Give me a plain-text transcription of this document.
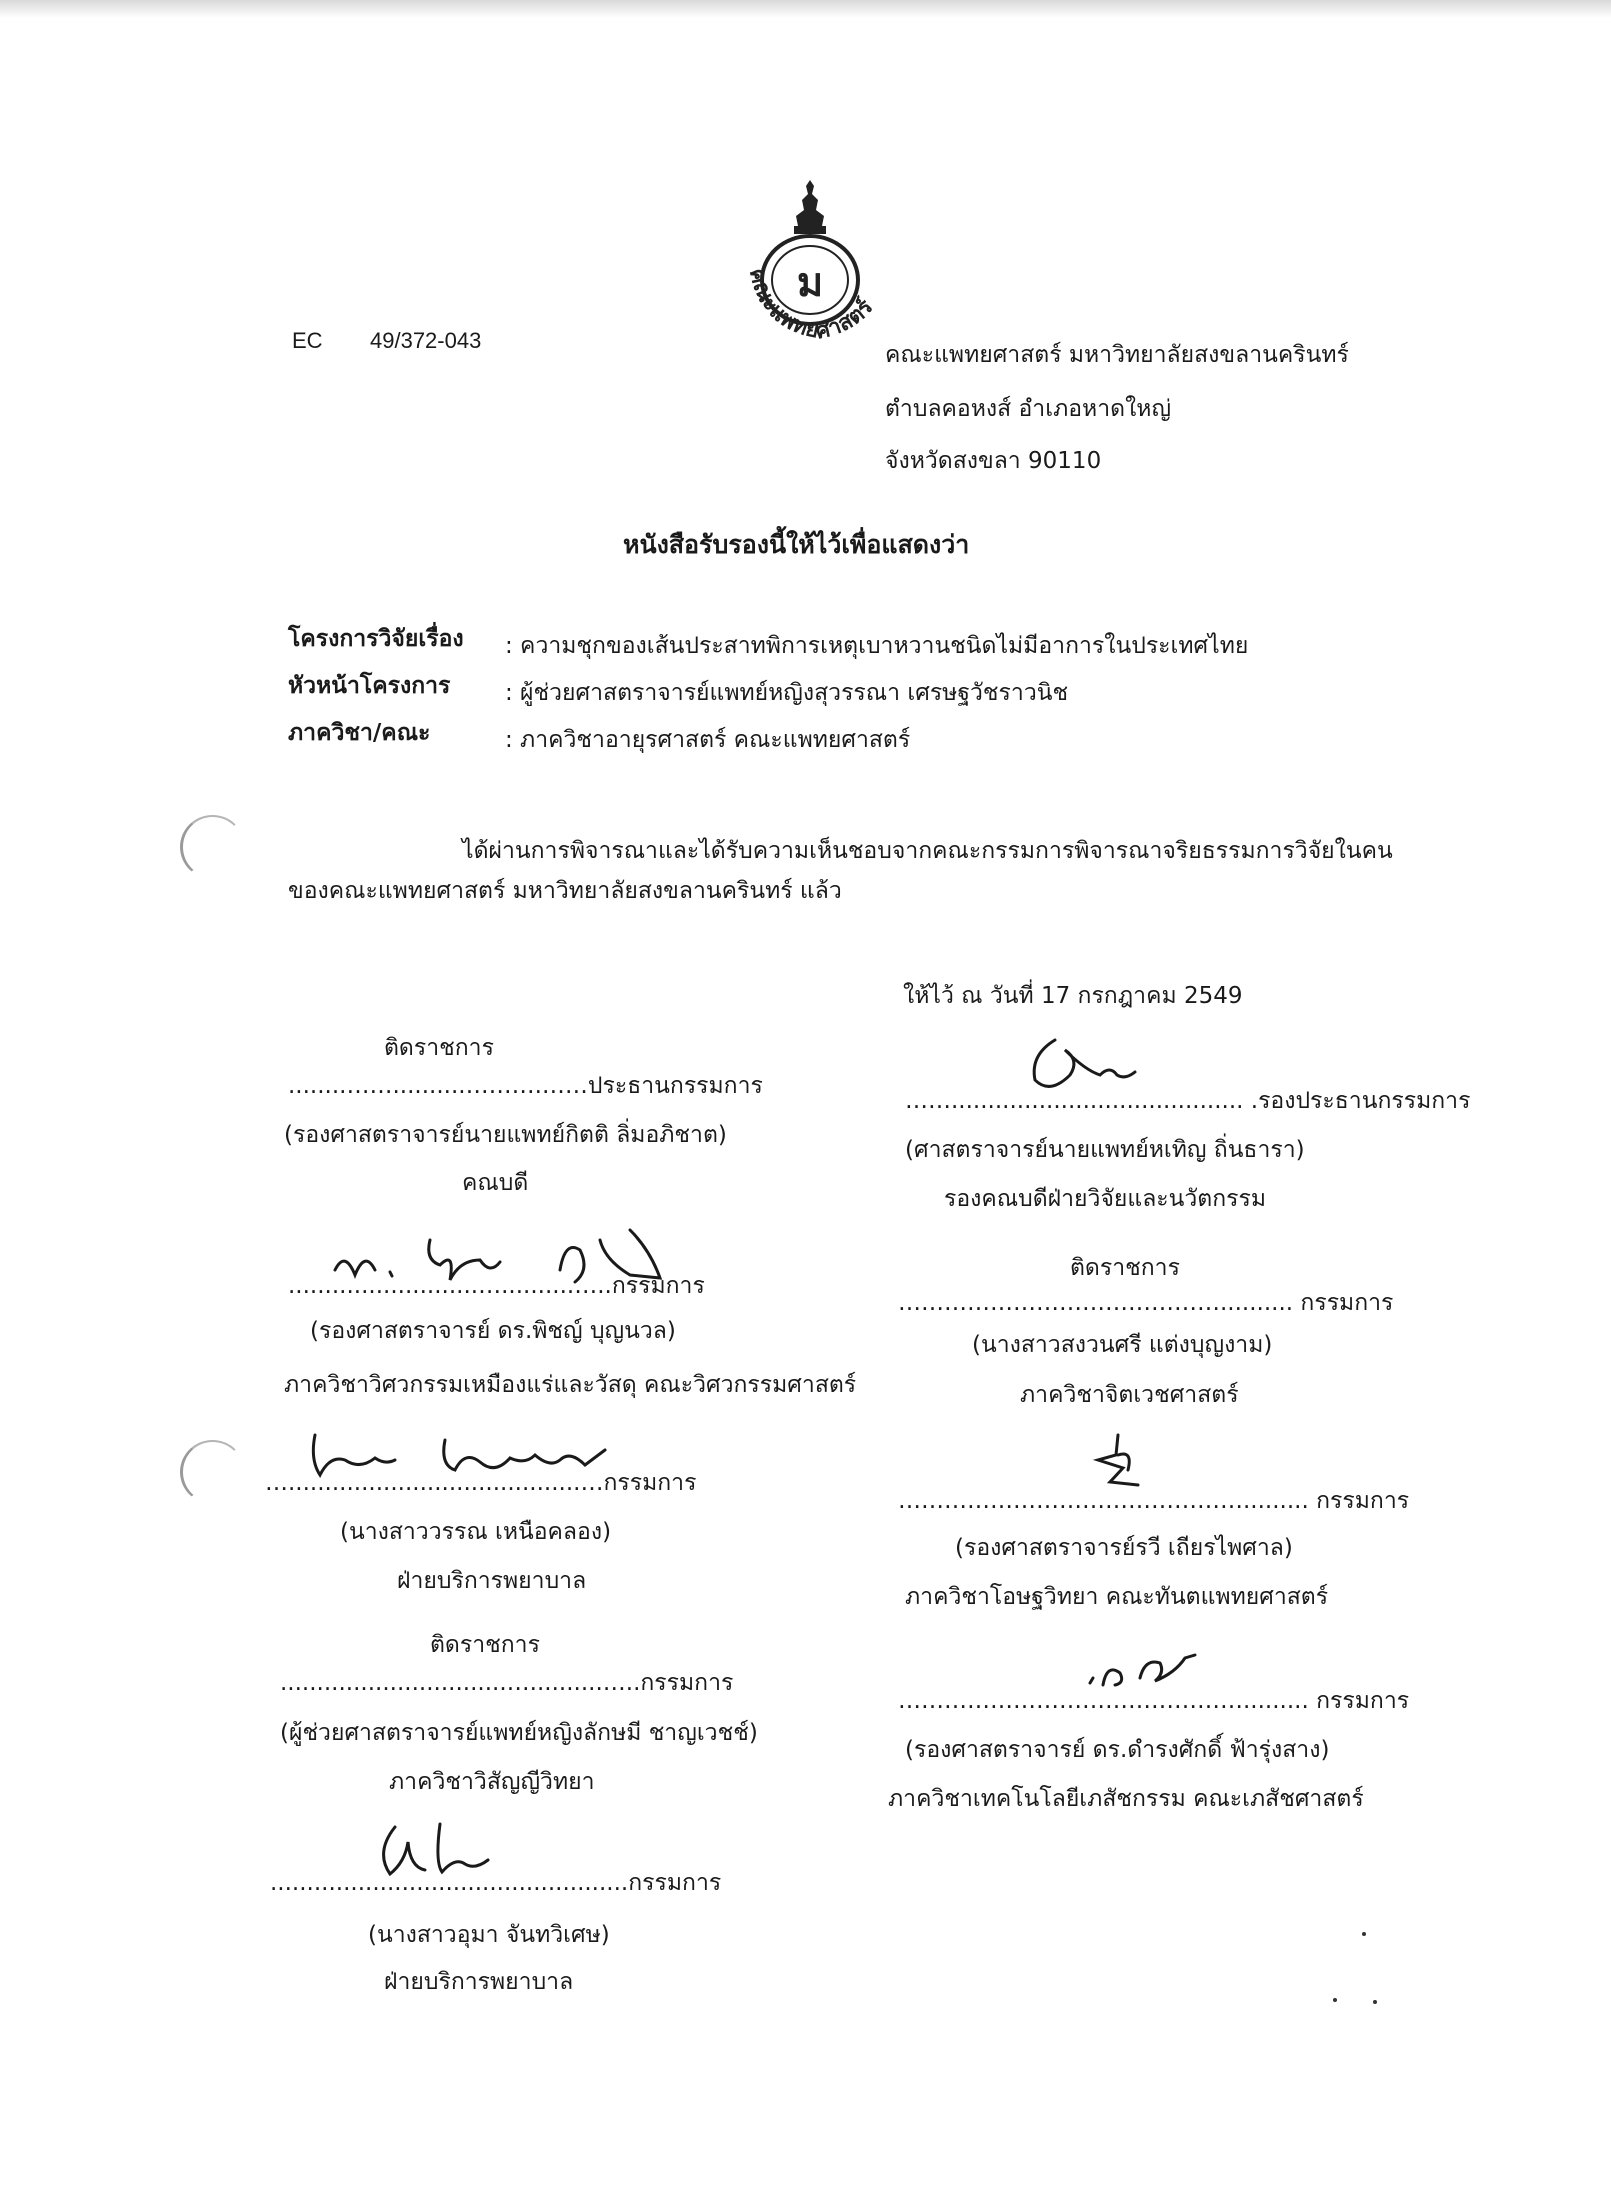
ม
คณะแพทยศาสตร์
EC 49/372-043
คณะแพทยศาสตร์ มหาวิทยาลัยสงขลานครินทร์
ตำบลคอหงส์ อำเภอหาดใหญ่
จังหวัดสงขลา 90110
หนังสือรับรองนี้ให้ไว้เพื่อแสดงว่า
โครงการวิจัยเรื่อง : ความชุกของเส้นประสาทพิการเหตุเบาหวานชนิดไม่มีอาการในประเทศไทย
หัวหน้าโครงการ : ผู้ช่วยศาสตราจารย์แพทย์หญิงสุวรรณา เศรษฐวัชราวนิช
ภาควิชา/คณะ	: ภาควิชาอายุรศาสตร์ คณะแพทยศาสตร์
ได้ผ่านการพิจารณาและได้รับความเห็นชอบจากคณะกรรมการพิจารณาจริยธรรมการวิจัยในคน
ของคณะแพทยศาสตร์ มหาวิทยาลัยสงขลานครินทร์ แล้ว
ให้ไว้ ณ วันที่ 17 กรกฎาคม 2549
ติดราชการ
........……..........……….……ประธานกรรมการ
(รองศาสตราจารย์นายแพทย์กิตติ ลิ่มอภิชาต)
คณบดี
..........................…..........…..กรรมการ
(รองศาสตราจารย์ ดร.พิชญ์ บุญนวล)
ภาควิชาวิศวกรรมเหมืองแร่และวัสดุ คณะวิศวกรรมศาสตร์
…........................................…กรรมการ
(นางสาววรรณ เหนือคลอง)
ฝ่ายบริการพยาบาล
ติดราชการ
...............................…..........…..กรรมการ
(ผู้ช่วยศาสตราจารย์แพทย์หญิงลักษมี ชาญเวชช์)
ภาควิชาวิสัญญีวิทยา
.................................................กรรมการ
(นางสาวอุมา จันทวิเศษ)
ฝ่ายบริการพยาบาล
……........................................ .รองประธานกรรมการ
(ศาสตราจารย์นายแพทย์หเทิญ ถิ่นธารา)
รองคณบดีฝ่ายวิจัยและนวัตกรรม
ติดราชการ
…………………………………….......... กรรมการ
(นางสาวสงวนศรี แต่งบุญงาม)
ภาควิชาจิตเวชศาสตร์
………………………………………......... กรรมการ
(รองศาสตราจารย์รวี เถียรไพศาล)
ภาควิชาโอษฐวิทยา คณะทันตแพทยศาสตร์
………………………………………......... กรรมการ
(รองศาสตราจารย์ ดร.ดำรงศักดิ์ ฟ้ารุ่งสาง)
ภาควิชาเทคโนโลยีเภสัชกรรม คณะเภสัชศาสตร์
